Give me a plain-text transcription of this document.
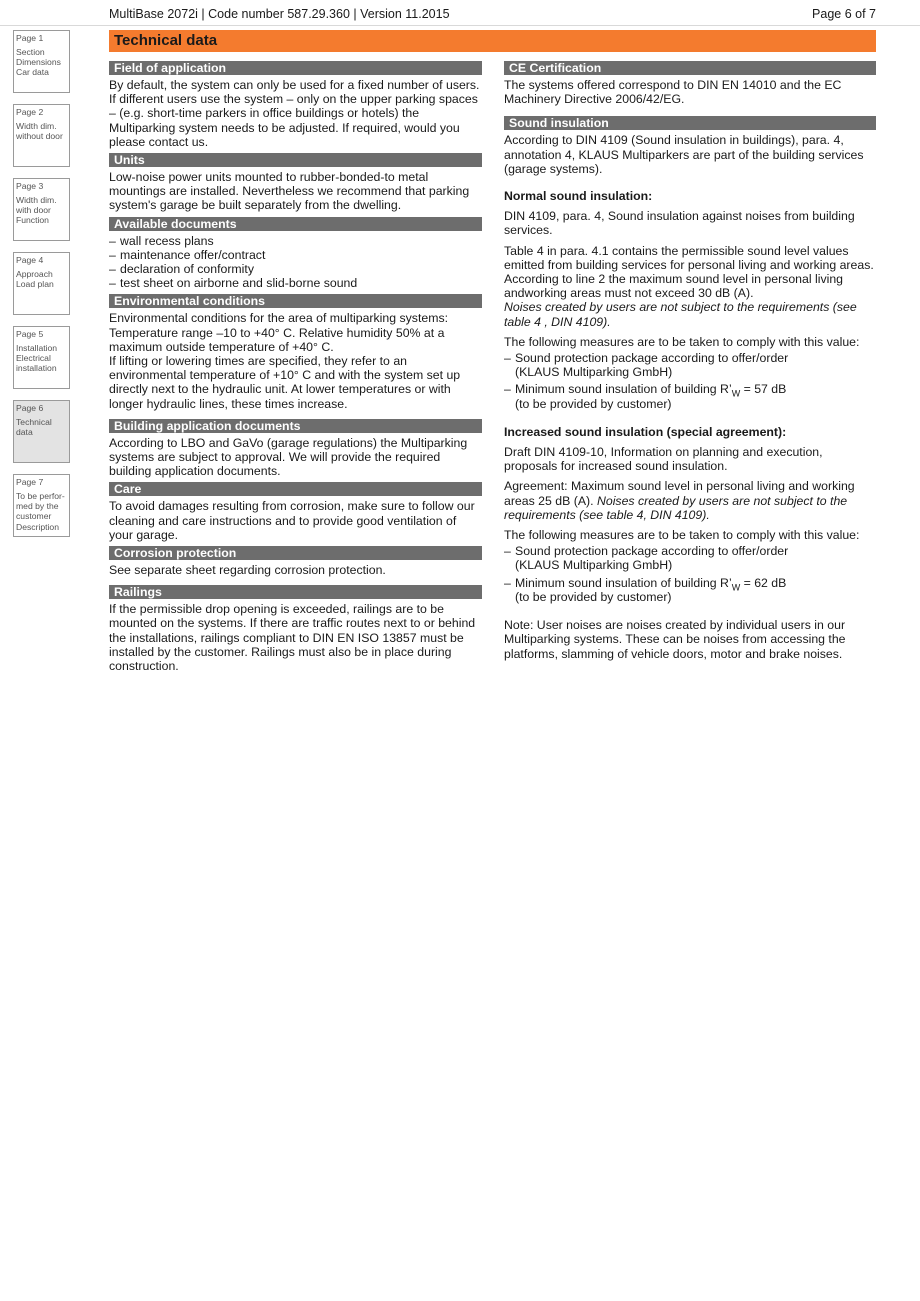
MultiBase 2072i | Code number 587.29.360 | Version 11.2015	Page 6 of 7
Page 1
Section
Dimensions
Car data
Page 2
Width dim. without door
Page 3
Width dim. with door
Function
Page 4
Approach
Load plan
Page 5
Installation
Electrical installation
Page 6
Technical data
Page 7
To be perfor-med by the customer
Description
Technical data
Field of application

By default, the system can only be used for a fixed number of users.

If different users use the system – only on the upper parking spaces – (e.g. short-time parkers in office buildings or hotels) the Multiparking system needs to be adjusted. If required, would you please contact us.

Units

Low-noise power units mounted to rubber-bonded-to metal mountings are installed. Nevertheless we recommend that parking system's garage be built separately from the dwelling.

Available documents
– wall recess plans
– maintenance offer/contract
– declaration of conformity
– test sheet on airborne and slid-borne sound
Environmental conditions

Environmental conditions for the area of multiparking systems: Temperature range –10 to +40° C. Relative humidity 50% at a maximum outside temperature of +40° C.

If lifting or lowering times are specified, they refer to an environmental temperature of +10° C and with the system set up directly next to the hydraulic unit. At lower temperatures or with longer hydraulic lines, these times increase.

Building application documents

According to LBO and GaVo (garage regulations) the Multiparking systems are subject to approval. We will provide the required building application documents.

Care

To avoid damages resulting from corrosion, make sure to follow our cleaning and care instructions and to provide good ventilation of your garage.

Corrosion protection

See separate sheet regarding corrosion protection.

Railings

If the permissible drop opening is exceeded, railings are to be mounted on the systems. If there are traffic routes next to or behind the installations, railings compliant to DIN EN ISO 13857 must be installed by the customer. Railings must also be in place during construction.

CE Certification

The systems offered correspond to DIN EN 14010 and the EC Machinery Directive 2006/42/EG.

Sound insulation

According to DIN 4109 (Sound insulation in buildings), para. 4, annotation 4, KLAUS Multiparkers are part of the building services (garage systems).

Normal sound insulation:

DIN 4109, para. 4, Sound insulation against noises from building services.

Table 4 in para. 4.1 contains the permissible sound level values emitted from building services for personal living and working areas. According to line 2 the maximum sound level in personal living andworking areas must not exceed 30 dB (A).
Noises created by users are not subject to the requirements (see table 4 , DIN 4109).

The following measures are to be taken to comply with this value:

– Sound protection package according to offer/order
(KLAUS Multiparking GmbH)
– Minimum sound insulation of building $R’_W = 57$ dB
(to be provided by customer)

Increased sound insulation (special agreement):

Draft DIN 4109-10, Information on planning and execution, proposals for increased sound insulation.

Agreement: Maximum sound level in personal living and working areas 25 dB (A). Noises created by users are not subject to the requirements (see table 4, DIN 4109).

The following measures are to be taken to comply with this value:

– Sound protection package according to offer/order
(KLAUS Multiparking GmbH)
– Minimum sound insulation of building $R’_W = 62$ dB
(to be provided by customer)

Note: User noises are noises created by individual users in our Multiparking systems. These can be noises from accessing the platforms, slamming of vehicle doors, motor and brake noises.
